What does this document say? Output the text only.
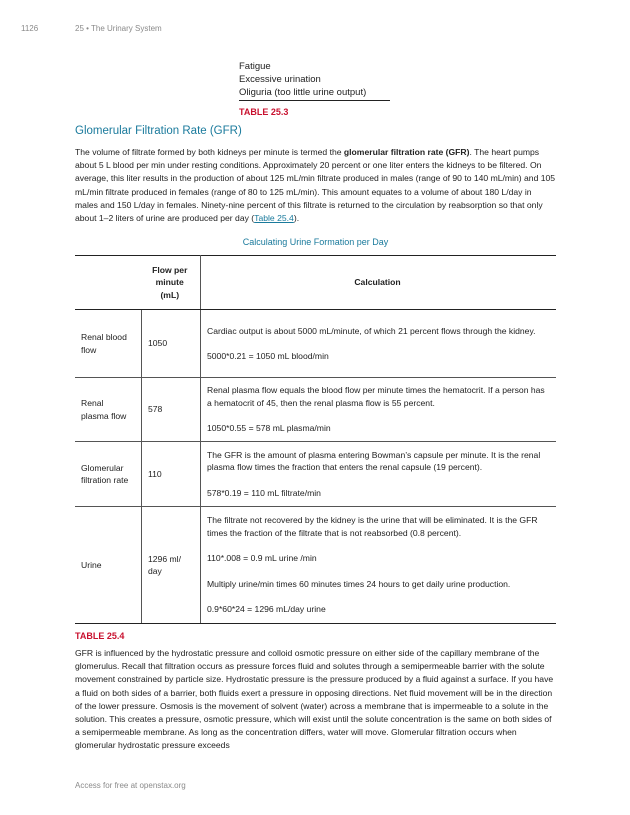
1126	25 • The Urinary System
Fatigue
Excessive urination
Oliguria (too little urine output)
TABLE 25.3
Glomerular Filtration Rate (GFR)

The volume of filtrate formed by both kidneys per minute is termed the glomerular filtration rate (GFR). The heart pumps about 5 L blood per min under resting conditions. Approximately 20 percent or one liter enters the kidneys to be filtered. On average, this liter results in the production of about 125 mL/min filtrate produced in males (range of 90 to 140 mL/min) and 105 mL/min filtrate produced in females (range of 80 to 125 mL/min). This amount equates to a volume of about 180 L/day in males and 150 L/day in females. Ninety-nine percent of this filtrate is returned to the circulation by reabsorption so that only about 1–2 liters of urine are produced per day (Table 25.4).

Calculating Urine Formation per Day
	Flow per minute (mL)	Calculation
Renal blood flow	1050	Cardiac output is about 5000 mL/minute, of which 21 percent flows through the kidney.

5000*0.21 = 1050 mL blood/min

Renal plasma flow	578	Renal plasma flow equals the blood flow per minute times the hematocrit. If a person has a hematocrit of 45, then the renal plasma flow is 55 percent.

1050*0.55 = 578 mL plasma/min

Glomerular filtration rate	110	The GFR is the amount of plasma entering Bowman’s capsule per minute. It is the renal plasma flow times the fraction that enters the renal capsule (19 percent).

578*0.19 = 110 mL filtrate/min

Urine	1296 ml/ day	The filtrate not recovered by the kidney is the urine that will be eliminated. It is the GFR times the fraction of the filtrate that is not reabsorbed (0.8 percent).

110*.008 = 0.9 mL urine /min

Multiply urine/min times 60 minutes times 24 hours to get daily urine production.

0.9*60*24 = 1296 mL/day urine

TABLE 25.4

GFR is influenced by the hydrostatic pressure and colloid osmotic pressure on either side of the capillary membrane of the glomerulus. Recall that filtration occurs as pressure forces fluid and solutes through a semipermeable barrier with the solute movement constrained by particle size. Hydrostatic pressure is the pressure produced by a fluid against a surface. If you have a fluid on both sides of a barrier, both fluids exert a pressure in opposing directions. Net fluid movement will be in the direction of the lower pressure. Osmosis is the movement of solvent (water) across a membrane that is impermeable to a solute in the solution. This creates a pressure, osmotic pressure, which will exist until the solute concentration is the same on both sides of a semipermeable membrane. As long as the concentration differs, water will move. Glomerular filtration occurs when glomerular hydrostatic pressure exceeds

Access for free at openstax.org
